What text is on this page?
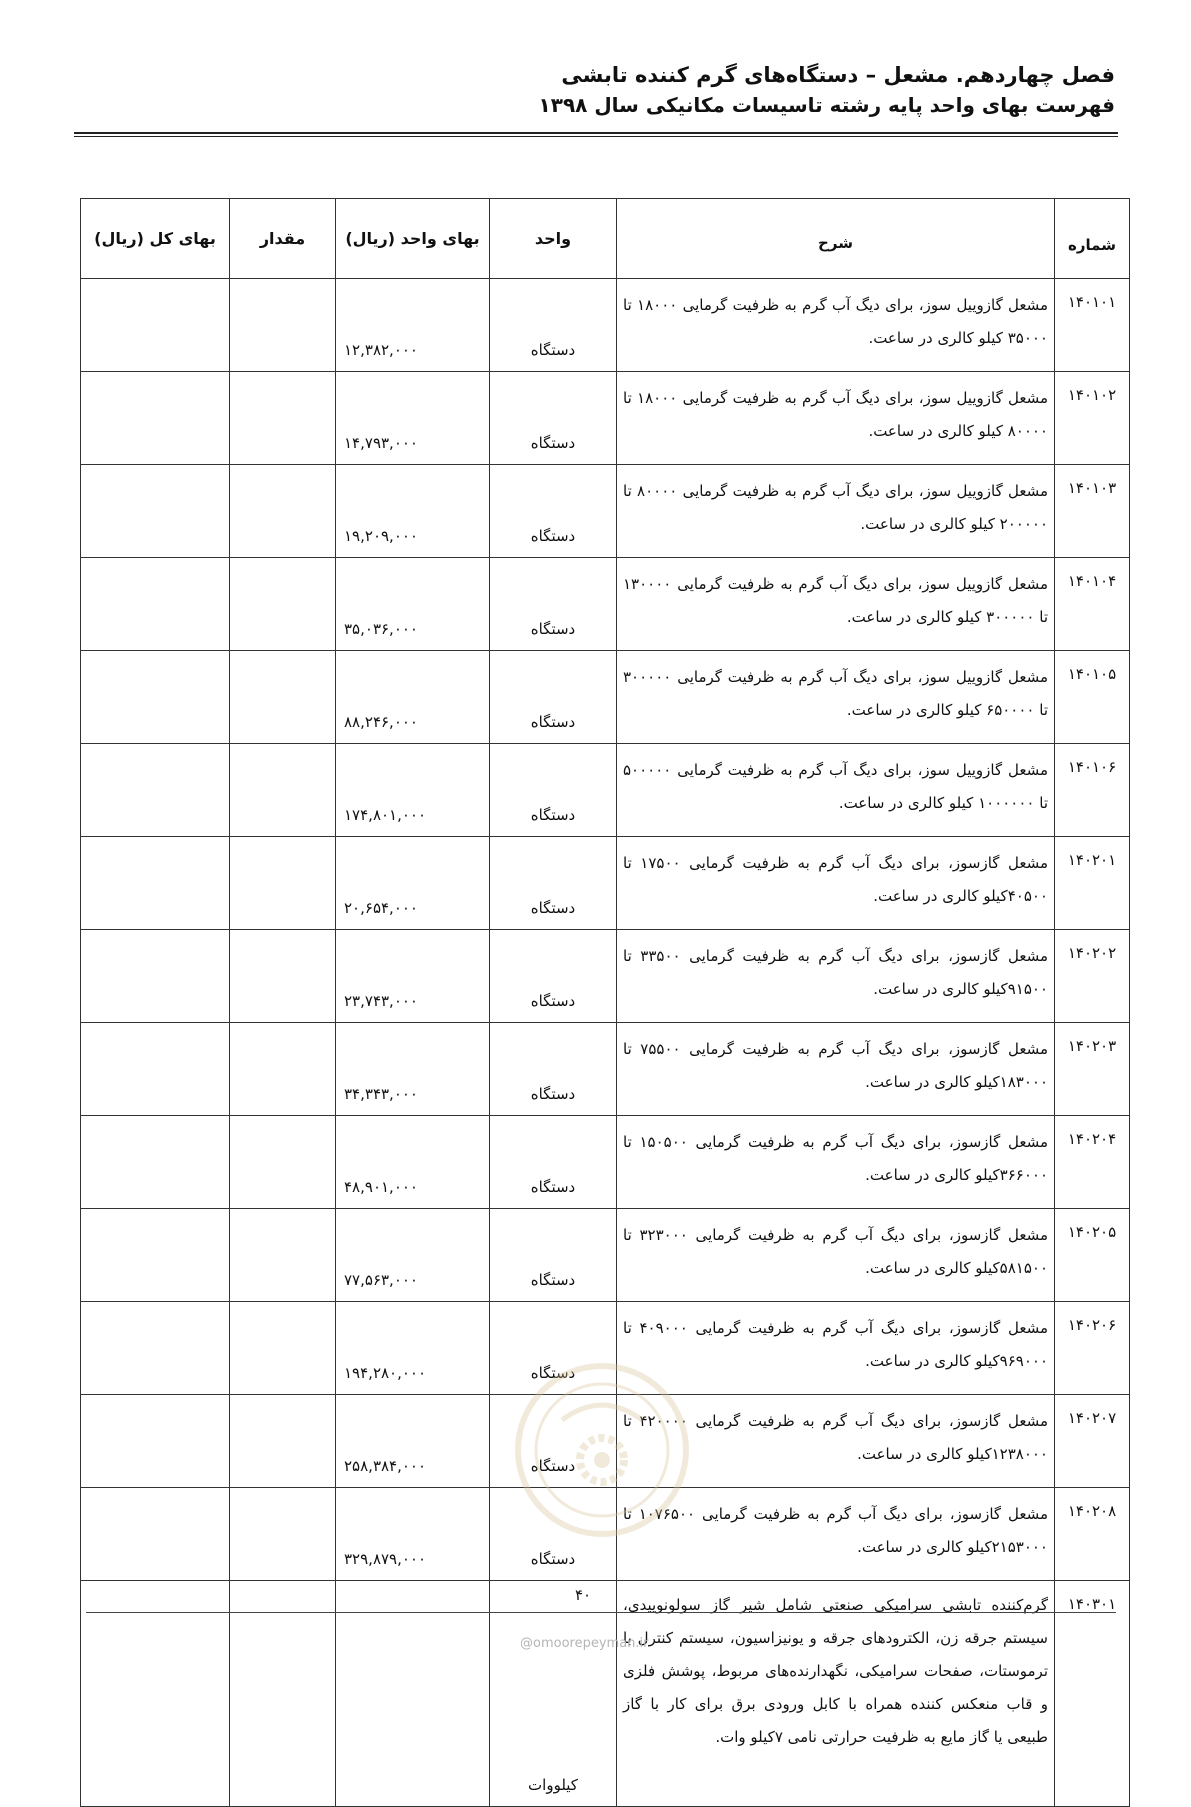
فصل چهاردهم. مشعل – دستگاه‌های گرم کننده تابشی
فهرست بهای واحد پایه رشته تاسیسات مکانیکی سال ۱۳۹۸
شماره	شرح	واحد	بهای واحد (ریال)	مقدار	بهای کل (ریال)
۱۴۰۱۰۱	مشعل گازوییل سوز، برای دیگ آب گرم به ظرفیت گرمایی ۱۸۰۰۰ تا ۳۵۰۰۰ کیلو کالری در ساعت.	دستگاه	۱۲,۳۸۲,۰۰۰		
۱۴۰۱۰۲	مشعل گازوییل سوز، برای دیگ آب گرم به ظرفیت گرمایی ۱۸۰۰۰ تا ۸۰۰۰۰ کیلو کالری در ساعت.	دستگاه	۱۴,۷۹۳,۰۰۰		
۱۴۰۱۰۳	مشعل گازوییل سوز، برای دیگ آب گرم به ظرفیت گرمایی ۸۰۰۰۰ تا ۲۰۰۰۰۰ کیلو کالری در ساعت.	دستگاه	۱۹,۲۰۹,۰۰۰		
۱۴۰۱۰۴	مشعل گازوییل سوز، برای دیگ آب گرم به ظرفیت گرمایی ۱۳۰۰۰۰ تا ۳۰۰۰۰۰ کیلو کالری در ساعت.	دستگاه	۳۵,۰۳۶,۰۰۰		
۱۴۰۱۰۵	مشعل گازوییل سوز، برای دیگ آب گرم به ظرفیت گرمایی ۳۰۰۰۰۰ تا ۶۵۰۰۰۰ کیلو کالری در ساعت.	دستگاه	۸۸,۲۴۶,۰۰۰		
۱۴۰۱۰۶	مشعل گازوییل سوز، برای دیگ آب گرم به ظرفیت گرمایی ۵۰۰۰۰۰ تا ۱۰۰۰۰۰۰ کیلو کالری در ساعت.	دستگاه	۱۷۴,۸۰۱,۰۰۰		
۱۴۰۲۰۱	مشعل گازسوز، برای دیگ آب گرم به ظرفیت گرمایی ۱۷۵۰۰ تا ۴۰۵۰۰کیلو کالری در ساعت.	دستگاه	۲۰,۶۵۴,۰۰۰		
۱۴۰۲۰۲	مشعل گازسوز، برای دیگ آب گرم به ظرفیت گرمایی ۳۳۵۰۰ تا ۹۱۵۰۰کیلو کالری در ساعت.	دستگاه	۲۳,۷۴۳,۰۰۰		
۱۴۰۲۰۳	مشعل گازسوز، برای دیگ آب گرم به ظرفیت گرمایی ۷۵۵۰۰ تا ۱۸۳۰۰۰کیلو کالری در ساعت.	دستگاه	۳۴,۳۴۳,۰۰۰		
۱۴۰۲۰۴	مشعل گازسوز، برای دیگ آب گرم به ظرفیت گرمایی ۱۵۰۵۰۰ تا ۳۶۶۰۰۰کیلو کالری در ساعت.	دستگاه	۴۸,۹۰۱,۰۰۰		
۱۴۰۲۰۵	مشعل گازسوز، برای دیگ آب گرم به ظرفیت گرمایی ۳۲۳۰۰۰ تا ۵۸۱۵۰۰کیلو کالری در ساعت.	دستگاه	۷۷,۵۶۳,۰۰۰		
۱۴۰۲۰۶	مشعل گازسوز، برای دیگ آب گرم به ظرفیت گرمایی ۴۰۹۰۰۰ تا ۹۶۹۰۰۰کیلو کالری در ساعت.	دستگاه	۱۹۴,۲۸۰,۰۰۰		
۱۴۰۲۰۷	مشعل گازسوز، برای دیگ آب گرم به ظرفیت گرمایی ۴۲۰۰۰۰ تا ۱۲۳۸۰۰۰کیلو کالری در ساعت.	دستگاه	۲۵۸,۳۸۴,۰۰۰		
۱۴۰۲۰۸	مشعل گازسوز، برای دیگ آب گرم به ظرفیت گرمایی ۱۰۷۶۵۰۰ تا ۲۱۵۳۰۰۰کیلو کالری در ساعت.	دستگاه	۳۲۹,۸۷۹,۰۰۰		
۱۴۰۳۰۱	گرم‌کننده تابشی سرامیکی صنعتی شامل شیر گاز سولونوییدی، سیستم جرقه زن، الکترودهای جرقه و یونیزاسیون، سیستم کنترل با ترموستات، صفحات سرامیکی، نگهدارنده‌های مربوط، پوشش فلزی و قاب منعکس کننده همراه با کابل ورودی برق برای کار با گاز طبیعی یا گاز مایع به ظرفیت حرارتی نامی ۷کیلو وات.	کیلووات			
۴۰
@omoorepeyman.ir
